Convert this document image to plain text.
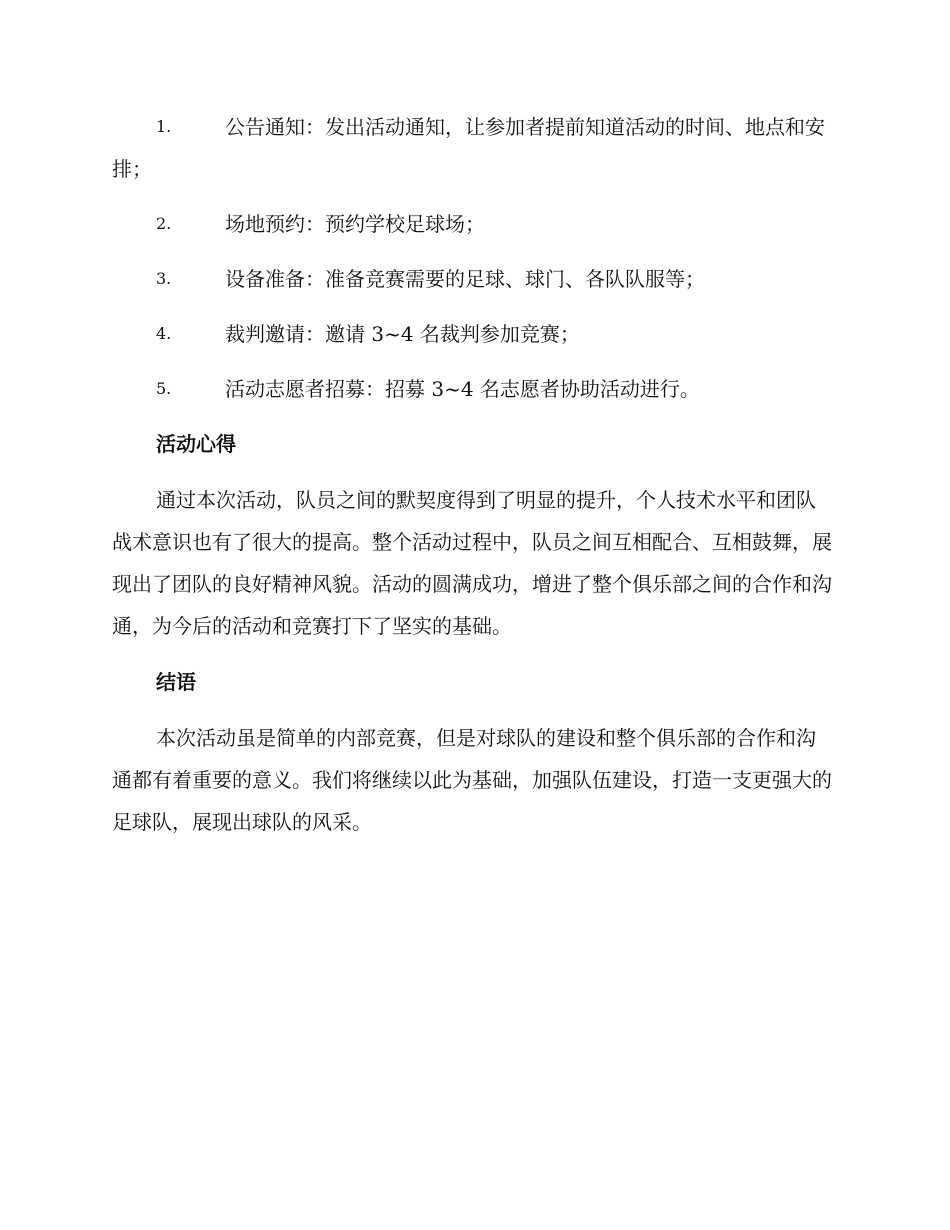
1.	公告通知：发出活动通知，让参加者提前知道活动的时间、地点和安排；
2.	场地预约：预约学校足球场；
3.	设备准备：准备竞赛需要的足球、球门、各队队服等；
4.	裁判邀请：邀请 3~4 名裁判参加竞赛；
5.	活动志愿者招募：招募 3~4 名志愿者协助活动进行。
活动心得

通过本次活动，队员之间的默契度得到了明显的提升，个人技术水平和团队战术意识也有了很大的提高。整个活动过程中，队员之间互相配合、互相鼓舞，展现出了团队的良好精神风貌。活动的圆满成功，增进了整个俱乐部之间的合作和沟通，为今后的活动和竞赛打下了坚实的基础。

结语

本次活动虽是简单的内部竞赛，但是对球队的建设和整个俱乐部的合作和沟通都有着重要的意义。我们将继续以此为基础，加强队伍建设，打造一支更强大的足球队，展现出球队的风采。
